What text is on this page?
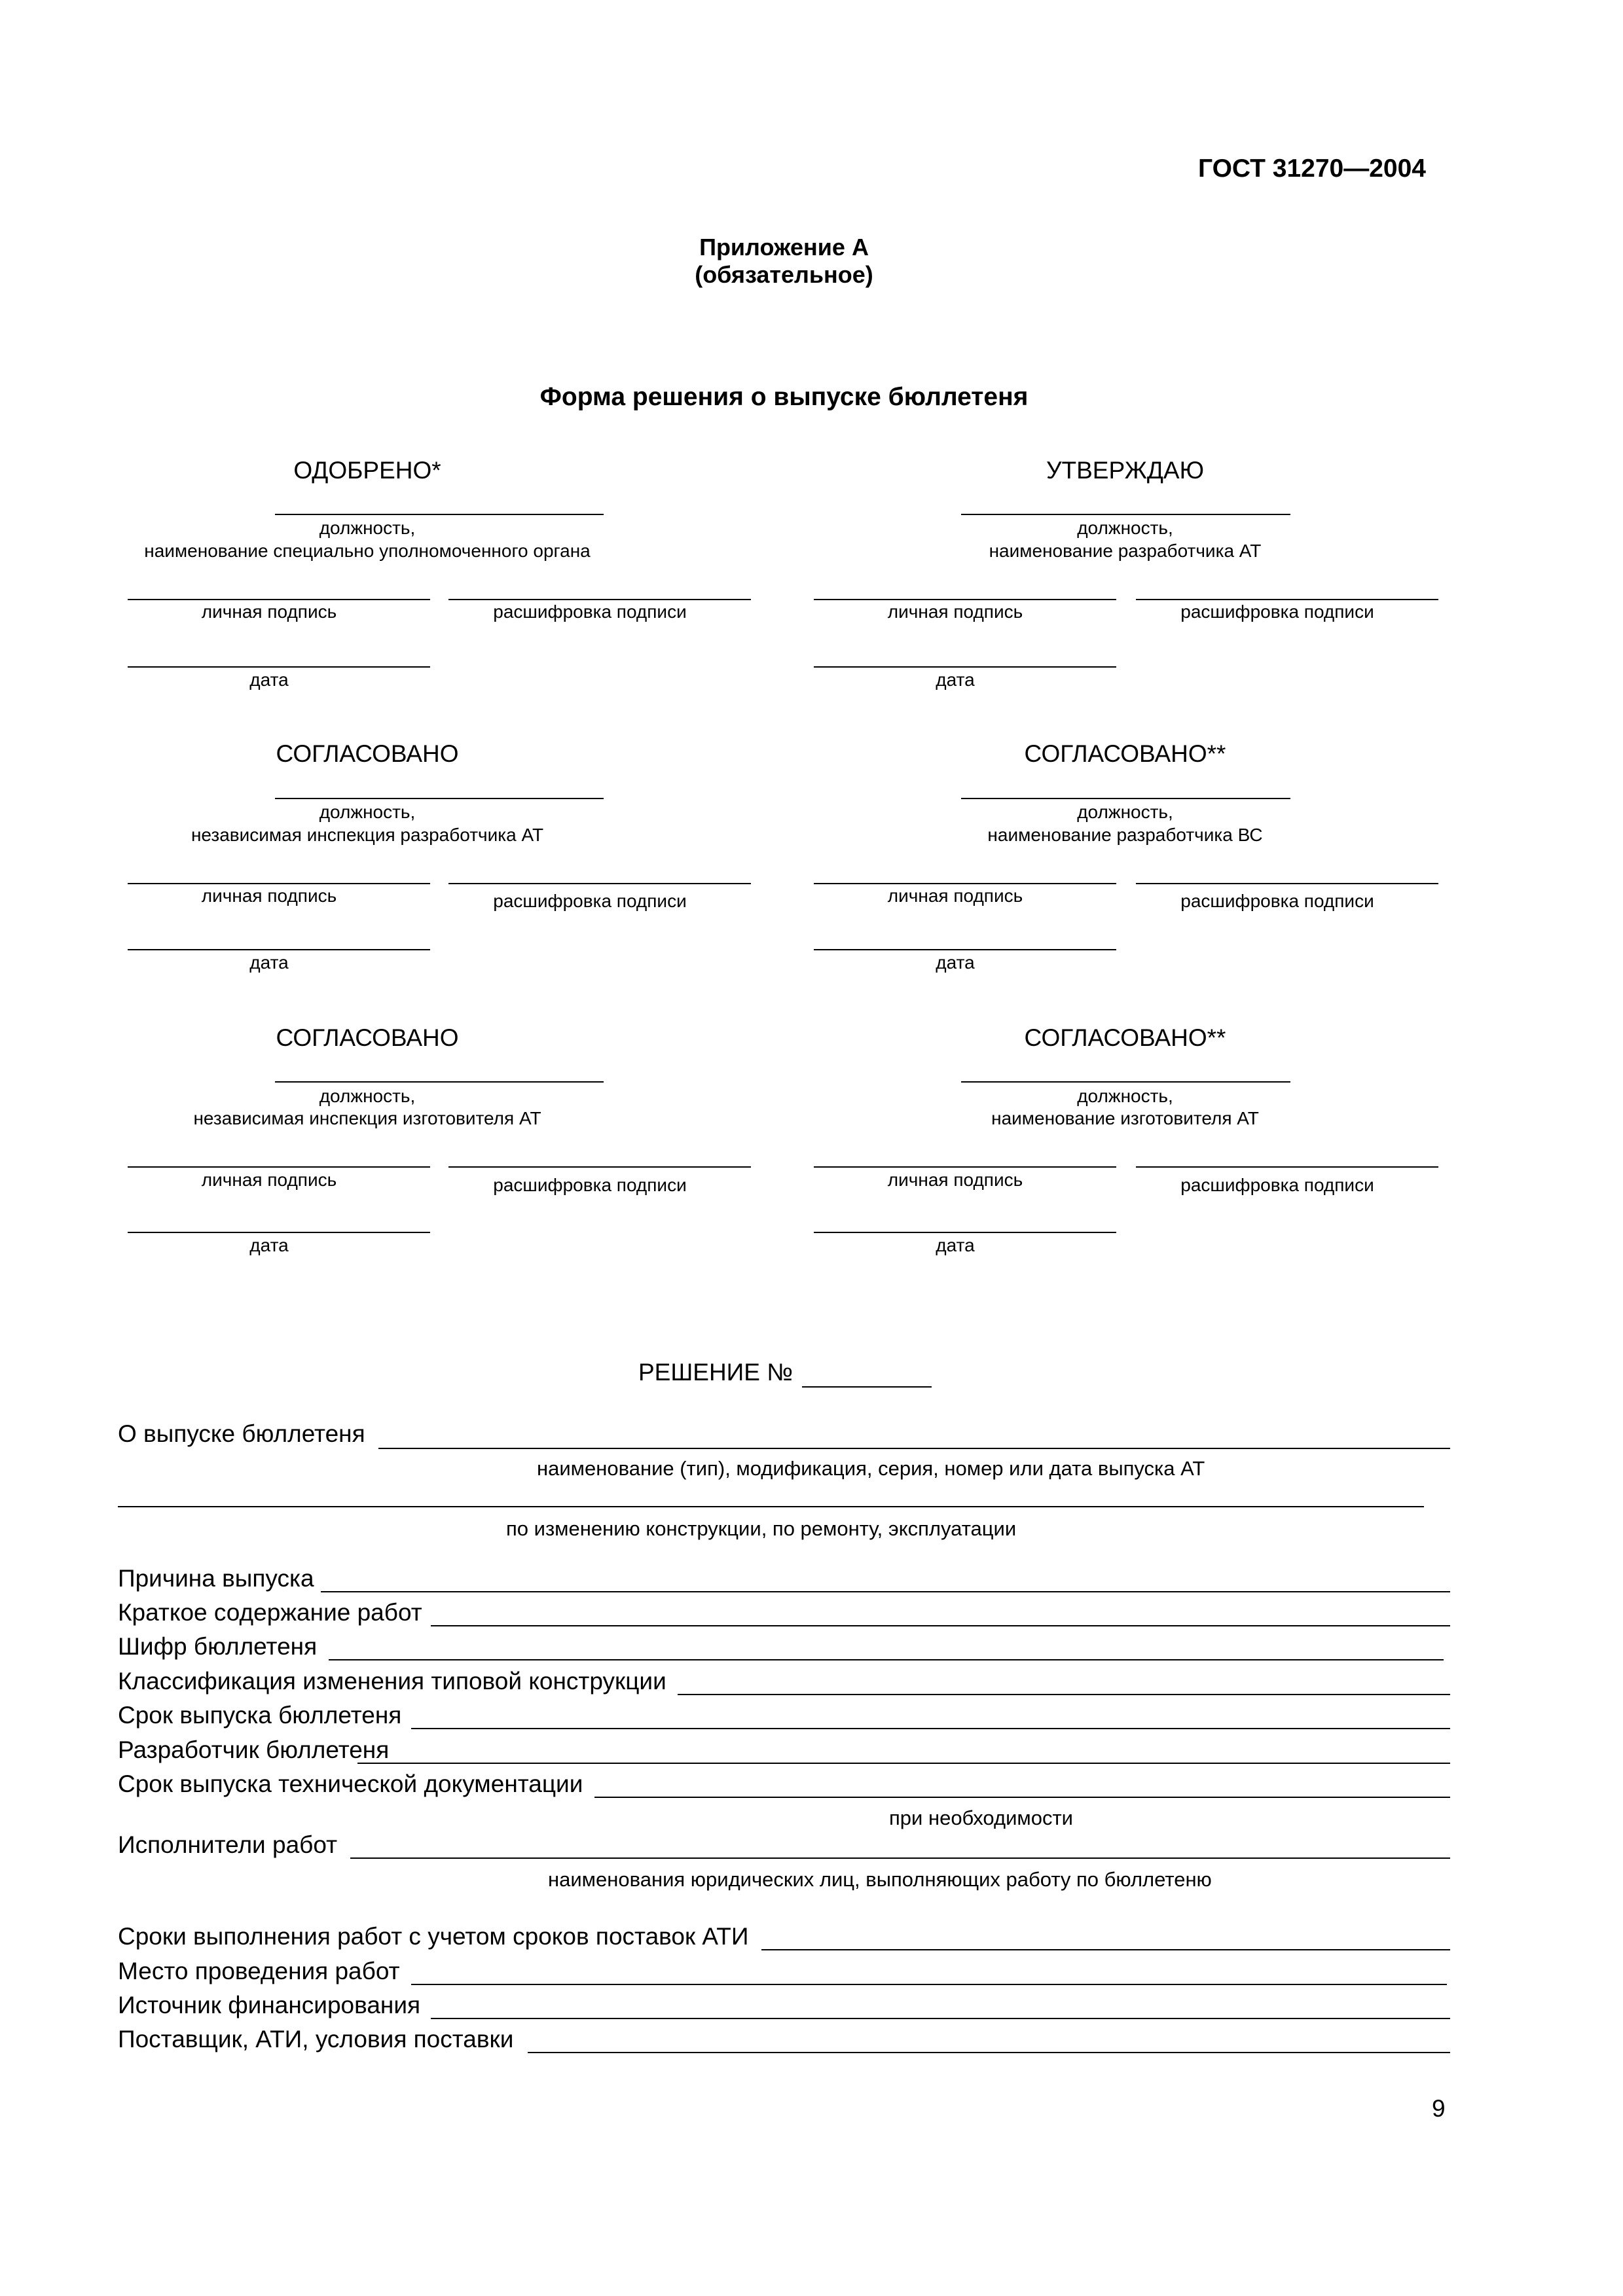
ГОСТ 31270—2004
Приложение А
(обязательное)
Форма решения о выпуске бюллетеня
ОДОБРЕНО*
должность,
наименование специально уполномоченного органа
личная подпись	расшифровка подписи
дата
УТВЕРЖДАЮ
должность,
наименование разработчика АТ
личная подпись	расшифровка подписи
дата
СОГЛАСОВАНО
должность,
независимая инспекция разработчика АТ
личная подпись	расшифровка подписи
дата
СОГЛАСОВАНО**
должность,
наименование разработчика ВС
личная подпись	расшифровка подписи
дата
СОГЛАСОВАНО
должность,
независимая инспекция изготовителя АТ
личная подпись	расшифровка подписи
дата
СОГЛАСОВАНО**
должность,
наименование изготовителя АТ
личная подпись	расшифровка подписи
дата
РЕШЕНИЕ №
О выпуске бюллетеня
наименование (тип), модификация, серия, номер или дата выпуска АТ
по изменению конструкции, по ремонту, эксплуатации
Причина выпуска
Краткое содержание работ
Шифр бюллетеня
Классификация изменения типовой конструкции
Срок выпуска бюллетеня
Разработчик бюллетеня
Срок выпуска технической документации
при необходимости
Исполнители работ
наименования юридических лиц, выполняющих работу по бюллетеню
Сроки выполнения работ с учетом сроков поставок АТИ
Место проведения работ
Источник финансирования
Поставщик, АТИ, условия поставки
9
